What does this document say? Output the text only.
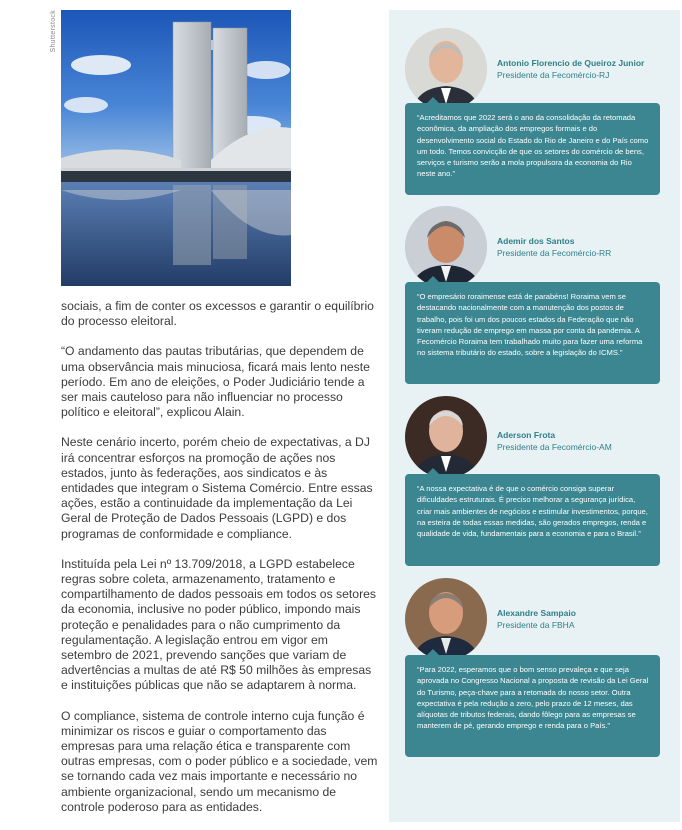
Shutterstock

sociais, a fim de conter os excessos e garantir o equilíbrio do processo eleitoral.

“O andamento das pautas tributárias, que dependem de uma observância mais minuciosa, ficará mais lento neste período. Em ano de eleições, o Poder Judiciário tende a ser mais cauteloso para não influenciar no processo político e eleitoral”, explicou Alain.

Neste cenário incerto, porém cheio de expectativas, a DJ irá concentrar esforços na promoção de ações nos estados, junto às federações, aos sindicatos e às entidades que integram o Sistema Comércio. Entre essas ações, estão a continuidade da implementação da Lei Geral de Proteção de Dados Pessoais (LGPD) e dos programas de conformidade e compliance.

Instituída pela Lei nº 13.709/2018, a LGPD estabelece regras sobre coleta, armazenamento, tratamento e compartilhamento de dados pessoais em todos os setores da economia, inclusive no poder público, impondo mais proteção e penalidades para o não cumprimento da regulamentação. A legislação entrou em vigor em setembro de 2021, prevendo sanções que variam de advertências a multas de até R$ 50 milhões às empresas e instituições públicas que não se adaptarem à norma.

O compliance, sistema de controle interno cuja função é minimizar os riscos e guiar o comportamento das empresas para uma relação ética e transparente com outras empresas, com o poder público e a sociedade, vem se tornando cada vez mais importante e necessário no ambiente organizacional, sendo um mecanismo de controle poderoso para as entidades.

Antonio Florencio de Queiroz Junior
Presidente da Fecomércio-RJ
“Acreditamos que 2022 será o ano da consolidação da retomada econômica, da ampliação dos empregos formais e do desenvolvimento social do Estado do Rio de Janeiro e do País como um todo. Temos convicção de que os setores do comércio de bens, serviços e turismo serão a mola propulsora da economia do Rio neste ano.”
Ademir dos Santos
Presidente da Fecomércio-RR
“O empresário roraimense está de parabéns! Roraima vem se destacando nacionalmente com a manutenção dos postos de trabalho, pois foi um dos poucos estados da Federação que não tiveram redução de emprego em massa por conta da pandemia. A Fecomércio Roraima tem trabalhado muito para fazer uma reforma no sistema tributário do estado, sobre a legislação do ICMS.”
Aderson Frota
Presidente da Fecomércio-AM
“A nossa expectativa é de que o comércio consiga superar dificuldades estruturais. É preciso melhorar a segurança jurídica, criar mais ambientes de negócios e estimular investimentos, porque, na esteira de todas essas medidas, são gerados empregos, renda e qualidade de vida, fundamentais para a economia e para o Brasil.”
Alexandre Sampaio
Presidente da FBHA
“Para 2022, esperamos que o bom senso prevaleça e que seja aprovada no Congresso Nacional a proposta de revisão da Lei Geral do Turismo, peça-chave para a retomada do nosso setor. Outra expectativa é pela redução a zero, pelo prazo de 12 meses, das alíquotas de tributos federais, dando fôlego para as empresas se manterem de pé, gerando emprego e renda para o País.”
